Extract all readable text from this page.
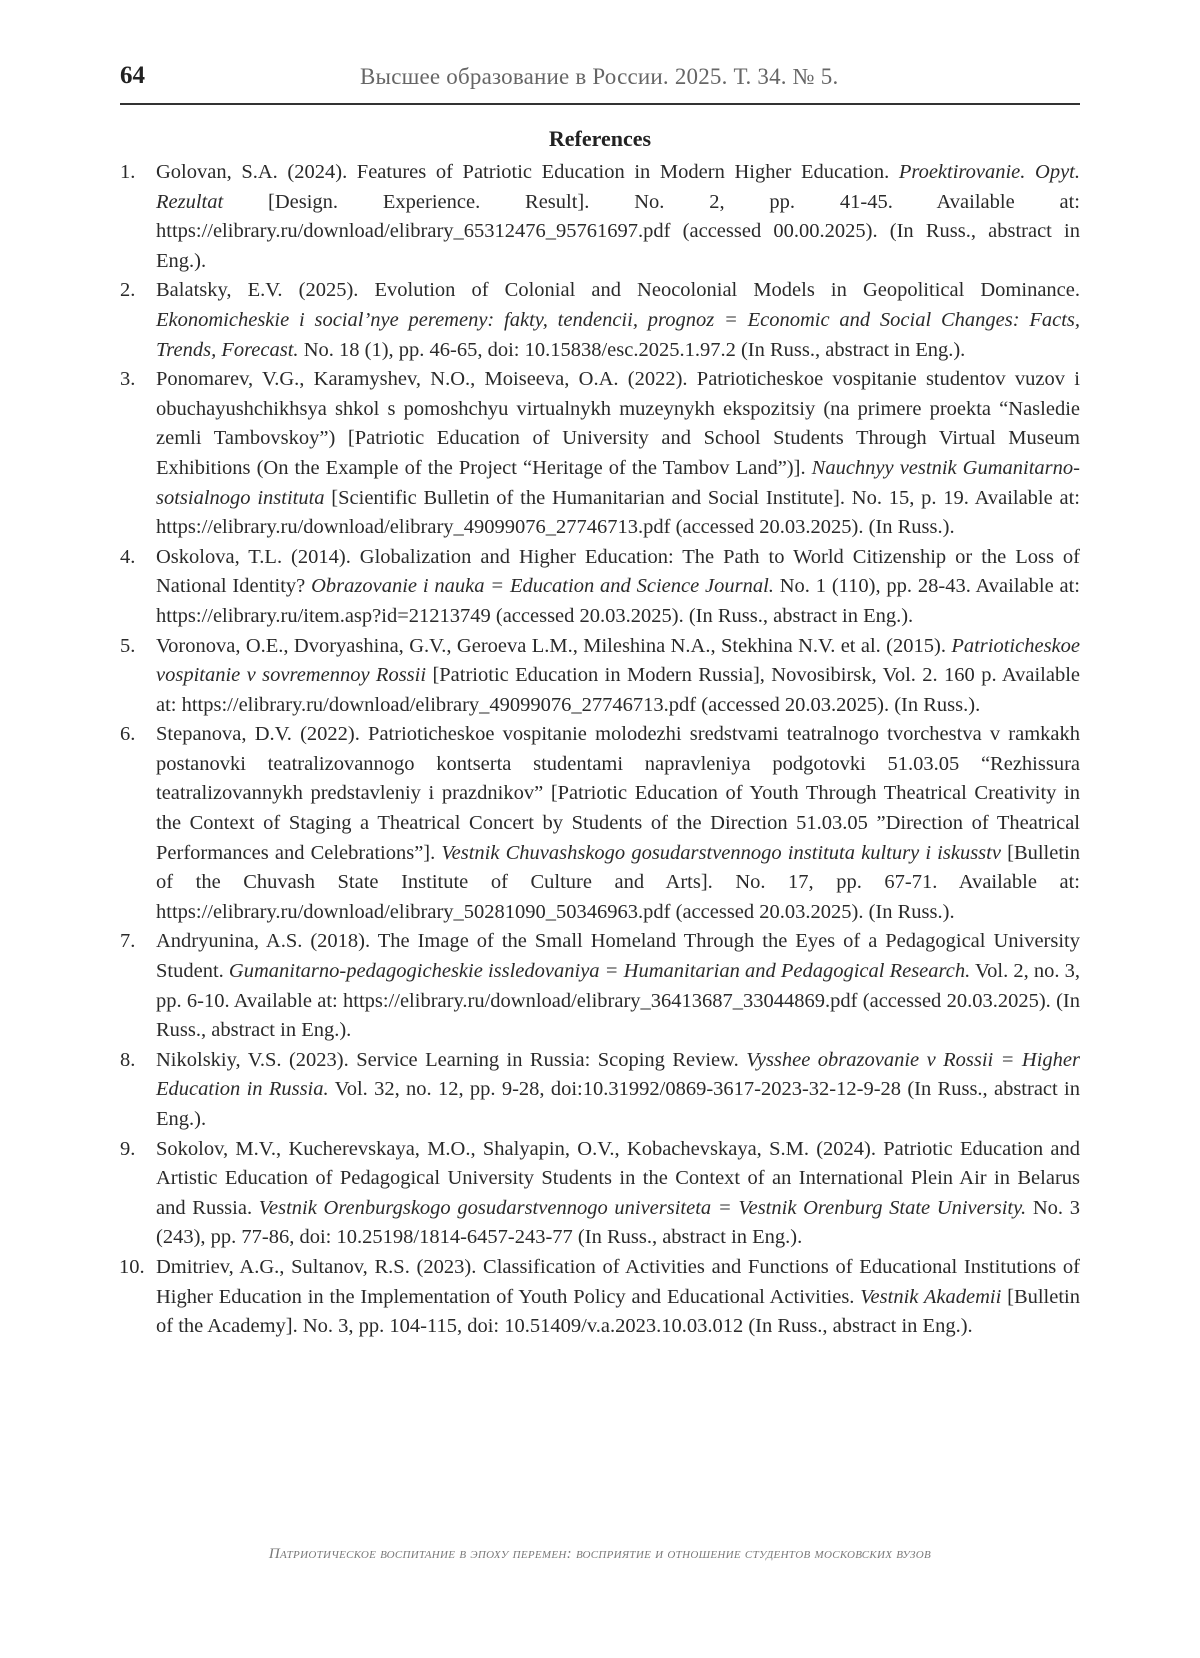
64	Высшее образование в России. 2025. Т. 34. № 5.
References
1.	Golovan, S.A. (2024). Features of Patriotic Education in Modern Higher Education. Proektirovanie. Opyt. Rezultat [Design. Experience. Result]. No. 2, pp. 41-45. Available at: https://elibrary.ru/download/elibrary_65312476_95761697.pdf (accessed 00.00.2025). (In Russ., abstract in Eng.).
2.	Balatsky, E.V. (2025). Evolution of Colonial and Neocolonial Models in Geopolitical Dominance. Ekonomicheskie i social’nye peremeny: fakty, tendencii, prognoz = Economic and Social Changes: Facts, Trends, Forecast. No. 18 (1), pp. 46-65, doi: 10.15838/esc.2025.1.97.2 (In Russ., abstract in Eng.).
3.	Ponomarev, V.G., Karamyshev, N.O., Moiseeva, O.A. (2022). Patrioticheskoe vospitanie studentov vuzov i obuchayushchikhsya shkol s pomoshchyu virtualnykh muzeynykh ekspozitsiy (na primere proekta “Nasledie zemli Tambovskoy”) [Patriotic Education of University and School Students Through Virtual Museum Exhibitions (On the Example of the Project “Heritage of the Tambov Land”)]. Nauchnyy vestnik Gumanitarno-sotsialnogo instituta [Scientific Bulletin of the Humanitarian and Social Institute]. No. 15, p. 19. Available at: https://elibrary.ru/download/elibrary_49099076_27746713.pdf (accessed 20.03.2025). (In Russ.).
4.	Oskolova, T.L. (2014). Globalization and Higher Education: The Path to World Citizenship or the Loss of National Identity? Obrazovanie i nauka = Education and Science Journal. No. 1 (110), pp. 28-43. Available at: https://elibrary.ru/item.asp?id=21213749 (accessed 20.03.2025). (In Russ., abstract in Eng.).
5.	Voronova, O.E., Dvoryashina, G.V., Geroeva L.M., Mileshina N.A., Stekhina N.V. et al. (2015). Patrioticheskoe vospitanie v sovremennoy Rossii [Patriotic Education in Modern Russia], Novosibirsk, Vol. 2. 160 p. Available at: https://elibrary.ru/download/elibrary_49099076_27746713.pdf (accessed 20.03.2025). (In Russ.).
6.	Stepanova, D.V. (2022). Patrioticheskoe vospitanie molodezhi sredstvami teatralnogo tvorchestva v ramkakh postanovki teatralizovannogo kontserta studentami napravleniya podgotovki 51.03.05 “Rezhissura teatralizovannykh predstavleniy i prazdnikov” [Patriotic Education of Youth Through Theatrical Creativity in the Context of Staging a Theatrical Concert by Students of the Direction 51.03.05 ”Direction of Theatrical Performances and Celebrations”]. Vestnik Chuvashskogo gosudarstvennogo instituta kultury i iskusstv [Bulletin of the Chuvash State Institute of Culture and Arts]. No. 17, pp. 67-71. Available at: https://elibrary.ru/download/elibrary_50281090_50346963.pdf (accessed 20.03.2025). (In Russ.).
7.	Andryunina, A.S. (2018). The Image of the Small Homeland Through the Eyes of a Pedagogical University Student. Gumanitarno-pedagogicheskie issledovaniya = Humanitarian and Pedagogical Research. Vol. 2, no. 3, pp. 6-10. Available at: https://elibrary.ru/download/elibrary_36413687_33044869.pdf (accessed 20.03.2025). (In Russ., abstract in Eng.).
8.	Nikolskiy, V.S. (2023). Service Learning in Russia: Scoping Review. Vysshee obrazovanie v Rossii = Higher Education in Russia. Vol. 32, no. 12, pp. 9-28, doi:10.31992/0869-3617-2023-32-12-9-28 (In Russ., abstract in Eng.).
9.	Sokolov, M.V., Kucherevskaya, M.O., Shalyapin, O.V., Kobachevskaya, S.M. (2024). Patriotic Education and Artistic Education of Pedagogical University Students in the Context of an International Plein Air in Belarus and Russia. Vestnik Orenburgskogo gosudarstvennogo universiteta = Vestnik Orenburg State University. No. 3 (243), pp. 77-86, doi: 10.25198/1814-6457-243-77 (In Russ., abstract in Eng.).
10. Dmitriev, A.G., Sultanov, R.S. (2023). Classification of Activities and Functions of Educational Institutions of Higher Education in the Implementation of Youth Policy and Educational Activities. Vestnik Akademii [Bulletin of the Academy]. No. 3, pp. 104-115, doi: 10.51409/v.a.2023.10.03.012 (In Russ., abstract in Eng.).
Патриотическое воспитание в эпоху перемен: восприятие и отношение студентов московских вузов
